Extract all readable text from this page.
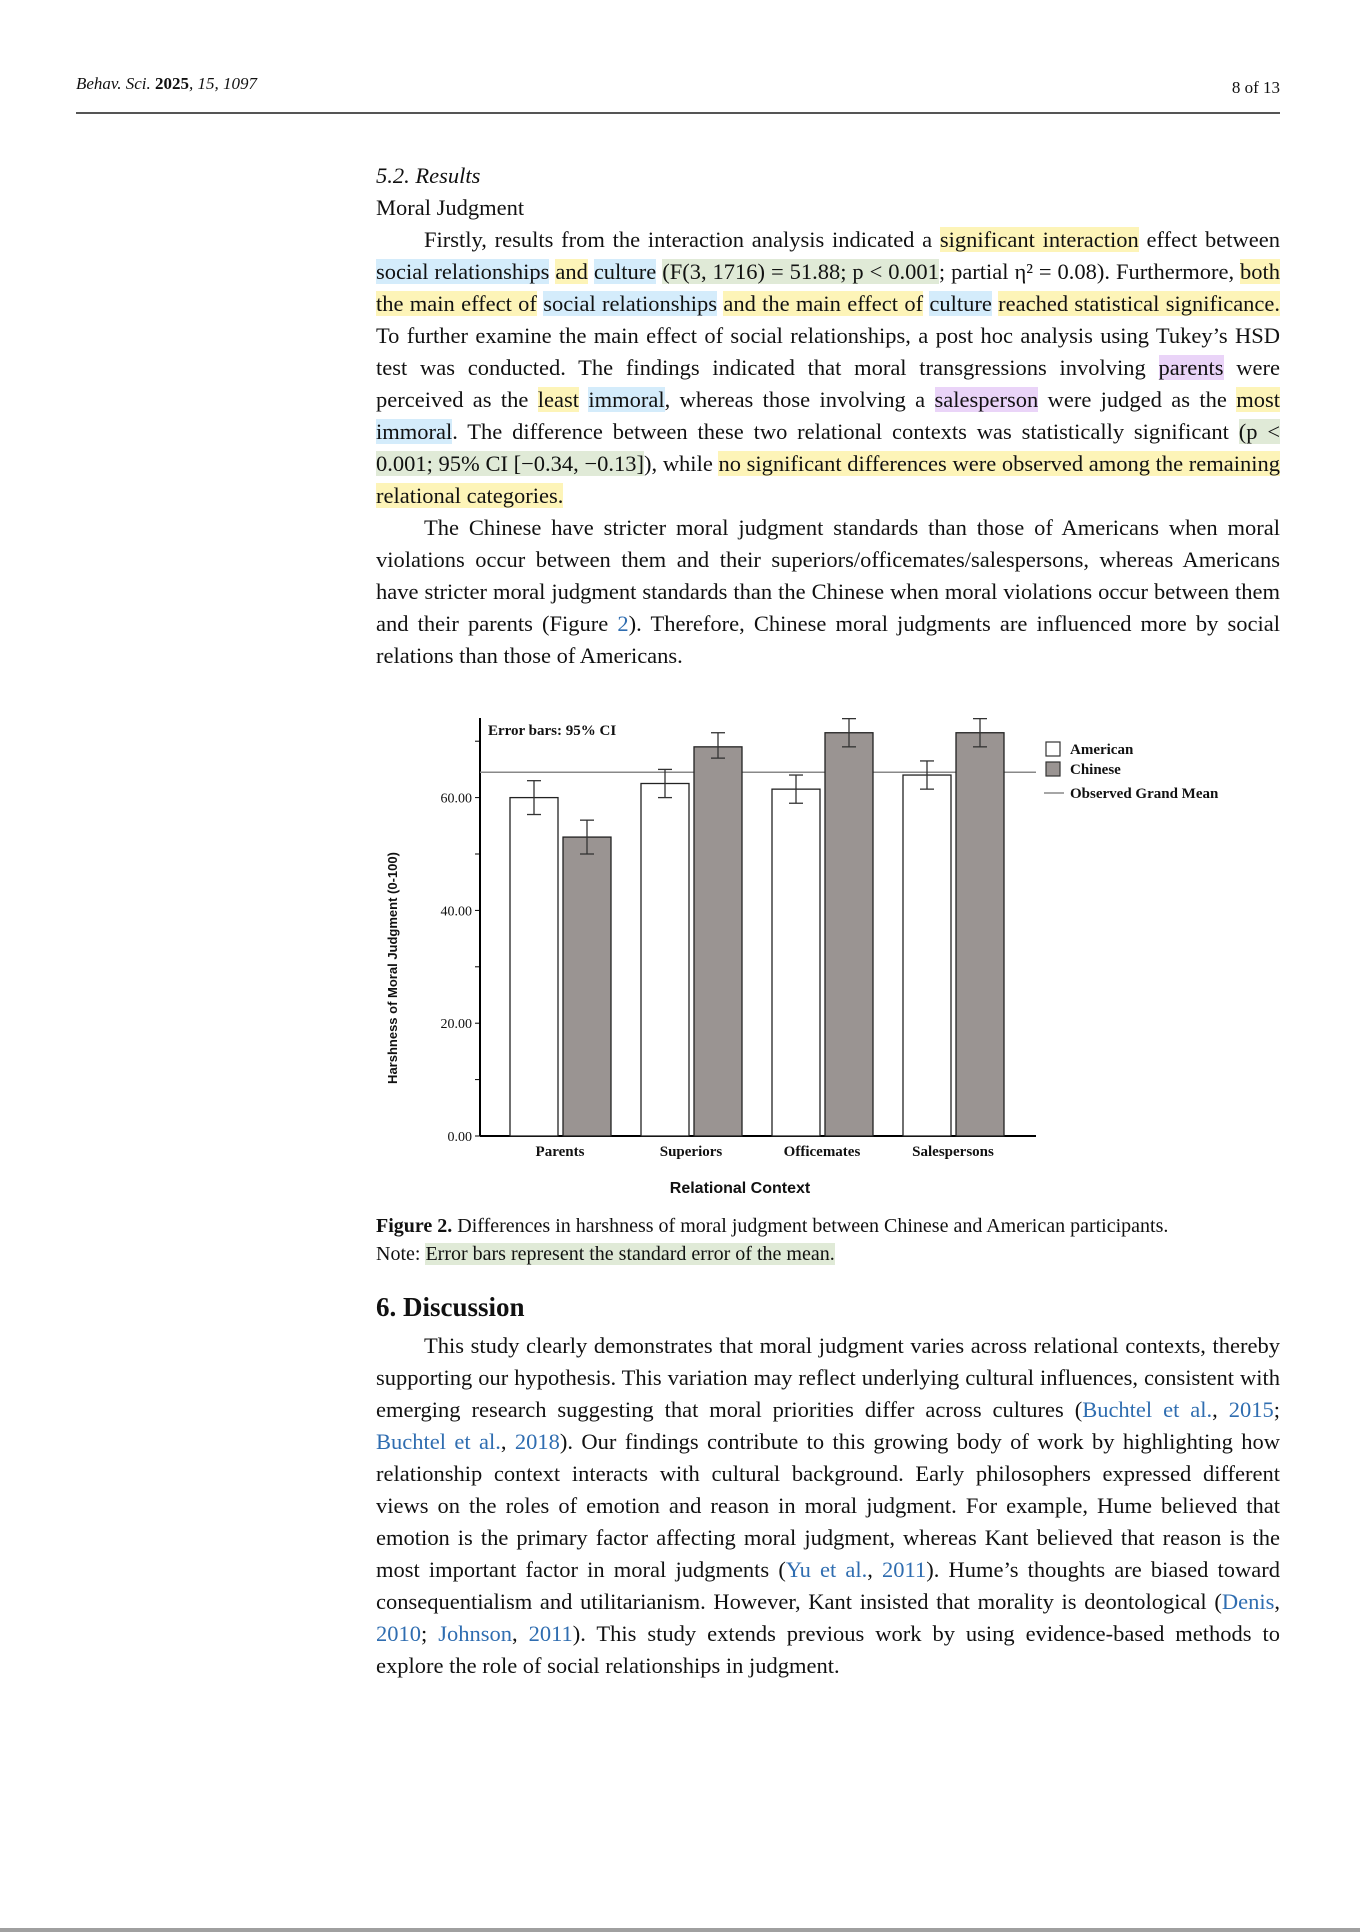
Behav. Sci. 2025, 15, 1097	8 of 13
5.2. Results
Moral Judgment

Firstly, results from the interaction analysis indicated a significant interaction effect between social relationships and culture (F(3, 1716) = 51.88; p < 0.001; partial η² = 0.08). Furthermore, both the main effect of social relationships and the main effect of culture reached statistical significance. To further examine the main effect of social relationships, a post hoc analysis using Tukey’s HSD test was conducted. The findings indicated that moral transgressions involving parents were perceived as the least immoral, whereas those involving a salesperson were judged as the most immoral. The difference between these two relational contexts was statistically significant (p < 0.001; 95% CI [−0.34, −0.13]), while no significant differences were observed among the remaining relational categories.

The Chinese have stricter moral judgment standards than those of Americans when moral violations occur between them and their superiors/officemates/salespersons, whereas Americans have stricter moral judgment standards than the Chinese when moral violations occur between them and their parents (Figure 2). Therefore, Chinese moral judgments are influenced more by social relations than those of Americans.

0.00
20.00
40.00
60.00
Error bars: 95% CI
Parents	Superiors	Officemates	Salespersons
Relational Context
Harshness of Moral Judgment (0-100)
American
Chinese
Observed Grand Mean
Figure 2. Differences in harshness of moral judgment between Chinese and American participants.
Note: Error bars represent the standard error of the mean.
6. Discussion

This study clearly demonstrates that moral judgment varies across relational contexts, thereby supporting our hypothesis. This variation may reflect underlying cultural influences, consistent with emerging research suggesting that moral priorities differ across cultures (Buchtel et al., 2015; Buchtel et al., 2018). Our findings contribute to this growing body of work by highlighting how relationship context interacts with cultural background. Early philosophers expressed different views on the roles of emotion and reason in moral judgment. For example, Hume believed that emotion is the primary factor affecting moral judgment, whereas Kant believed that reason is the most important factor in moral judgments (Yu et al., 2011). Hume’s thoughts are biased toward consequentialism and utilitarianism. However, Kant insisted that morality is deontological (Denis, 2010; Johnson, 2011). This study extends previous work by using evidence-based methods to explore the role of social relationships in judgment.
